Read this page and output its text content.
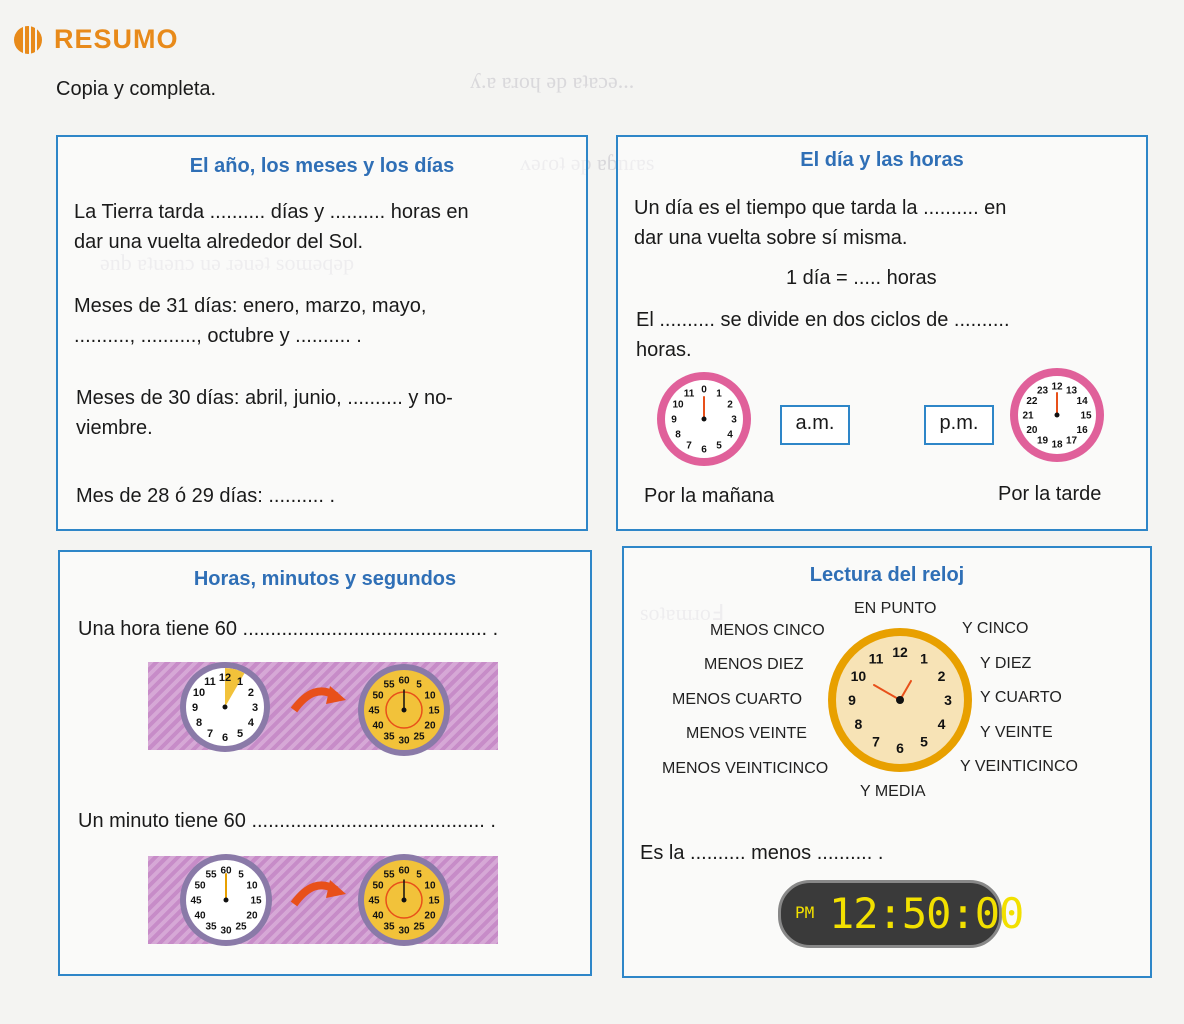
ʎ.ɐ ɐɹoɥ ǝp ɐʇɐɔǝ...
RESUMO
Copia y completa.
El año, los meses y los días
La Tierra tarda .......... días y .......... horas en
dar una vuelta alrededor del Sol.
Meses de 31 días: enero, marzo, mayo,
.........., .........., octubre y .......... .
Meses de 30 días: abril, junio, .......... y no-
viembre.
Mes de 28 ó 29 días: .......... .
El día y las horas
Un día es el tiempo que tarda la .......... en
dar una vuelta sobre sí misma.
1 día = ..... horas
El .......... se divide en dos ciclos de ..........
horas.
a.m.	p.m.
Por la mañana	Por la tarde
0 1
2
3
4
5
6
7
8
9
10
11
12 13
14
15
16
17
18
19
20
21
22
23
Horas, minutos y segundos
Una hora tiene 60 ............................................ .
Un minuto tiene 60 .......................................... .
12 1
2
3
4
5
6
7
8
9
10
11	60 5
10
15
20
25
30
35
40
45
50
55
60 5
10
15
20
25
30
35
40
45
50
55	60 5
10
15
20
25
30
35
40
45
50
55
Lectura del reloj
Es la .......... menos .......... .
EN PUNTO
Y MEDIA
MENOS CINCO
MENOS DIEZ
MENOS CUARTO
MENOS VEINTE
MENOS VEINTICINCO
Y CINCO
Y DIEZ
Y CUARTO
Y VEINTE
Y VEINTICINCO
12 1
2
3
4
5
6
7
8
9
10
11
PM 12:50:00
